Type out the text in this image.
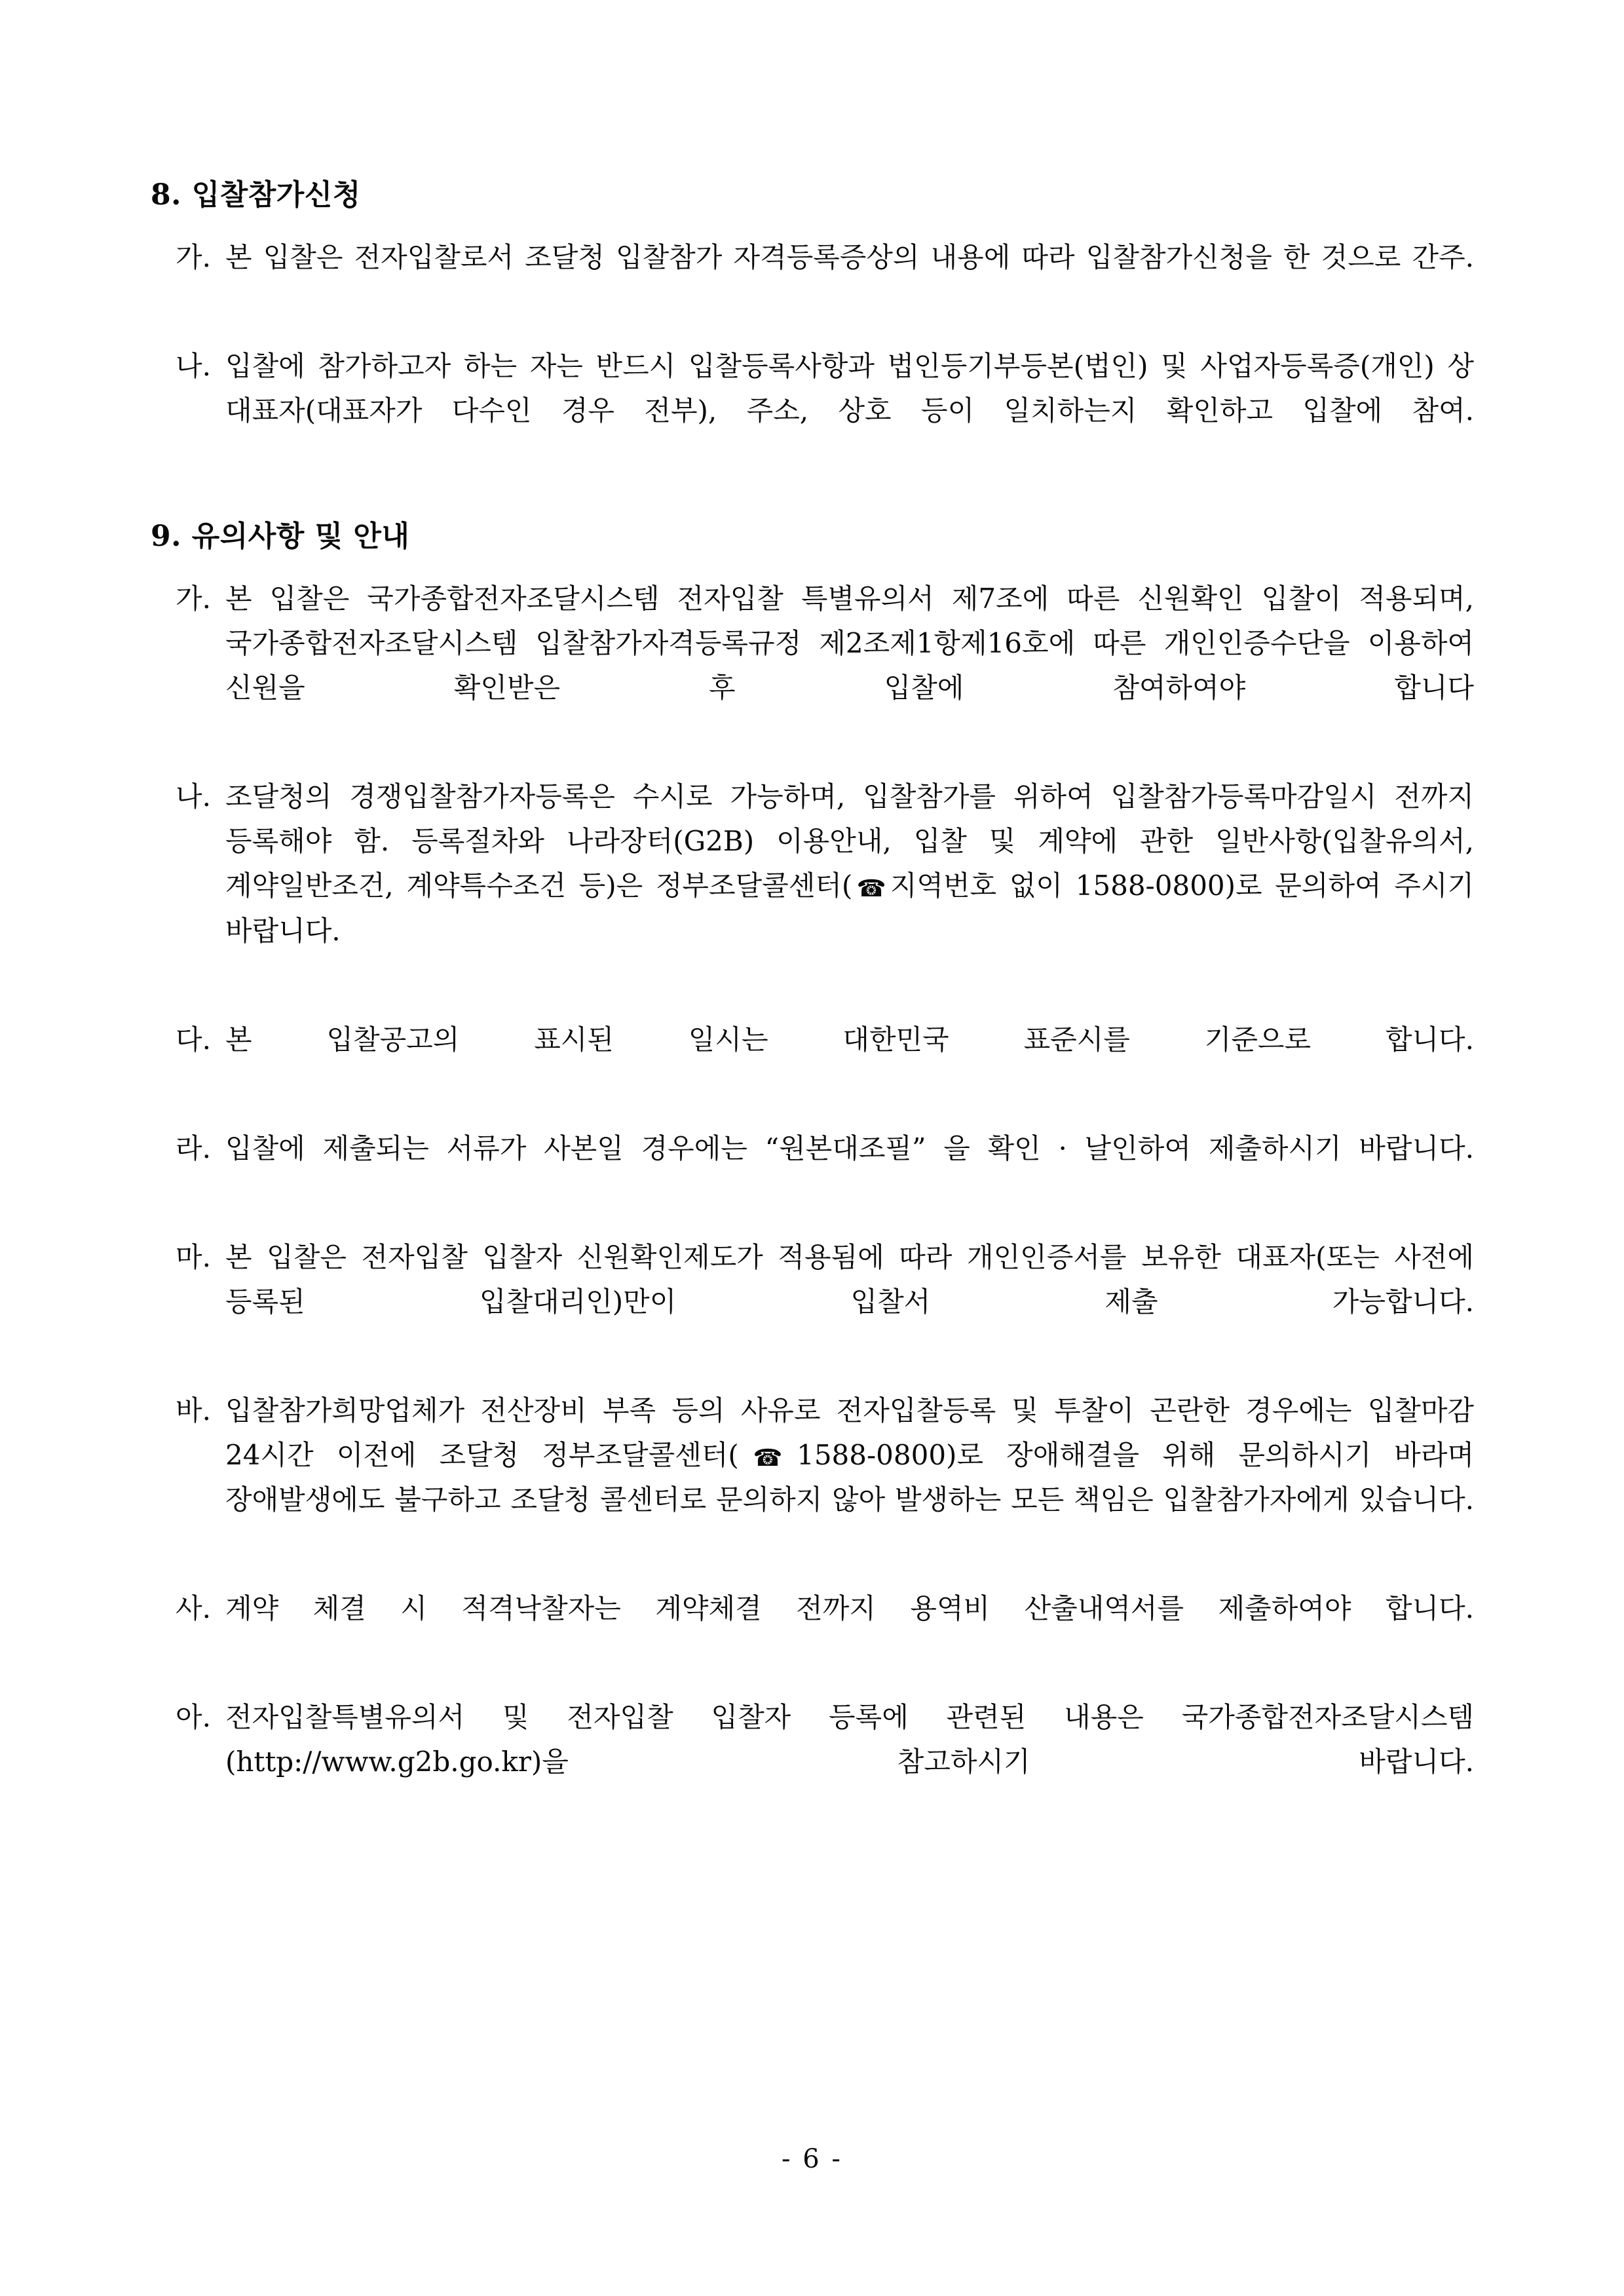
8. 입찰참가신청
가. 본 입찰은 전자입찰로서 조달청 입찰참가 자격등록증상의 내용에 따라 입찰참가신청을 한 것으로 간주.
나. 입찰에 참가하고자 하는 자는 반드시 입찰등록사항과 법인등기부등본(법인) 및 사업자등록증(개인) 상 대표자(대표자가 다수인 경우 전부), 주소, 상호 등이 일치하는지 확인하고 입찰에 참여.
9. 유의사항 및 안내
가. 본 입찰은 국가종합전자조달시스템 전자입찰 특별유의서 제7조에 따른 신원확인 입찰이 적용되며, 국가종합전자조달시스템 입찰참가자격등록규정 제2조제1항제16호에 따른 개인인증수단을 이용하여 신원을 확인받은 후 입찰에 참여하여야 합니다
나. 조달청의 경쟁입찰참가자등록은 수시로 가능하며, 입찰참가를 위하여 입찰참가등록마감일시 전까지 등록해야 함. 등록절차와 나라장터(G2B) 이용안내, 입찰 및 계약에 관한 일반사항(입찰유의서, 계약일반조건, 계약특수조건 등)은 정부조달콜센터(☎지역번호 없이 1588-0800)로 문의하여 주시기 바랍니다.
다. 본 입찰공고의 표시된 일시는 대한민국 표준시를 기준으로 합니다.
라. 입찰에 제출되는 서류가 사본일 경우에는 “원본대조필” 을 확인 · 날인하여 제출하시기 바랍니다.
마. 본 입찰은 전자입찰 입찰자 신원확인제도가 적용됨에 따라 개인인증서를 보유한 대표자(또는 사전에 등록된 입찰대리인)만이 입찰서 제출 가능합니다.
바. 입찰참가희망업체가 전산장비 부족 등의 사유로 전자입찰등록 및 투찰이 곤란한 경우에는 입찰마감 24시간 이전에 조달청 정부조달콜센터(☎1588-0800)로 장애해결을 위해 문의하시기 바라며 장애발생에도 불구하고 조달청 콜센터로 문의하지 않아 발생하는 모든 책임은 입찰참가자에게 있습니다.
사. 계약 체결 시 적격낙찰자는 계약체결 전까지 용역비 산출내역서를 제출하여야 합니다.
아. 전자입찰특별유의서 및 전자입찰 입찰자 등록에 관련된 내용은 국가종합전자조달시스템(http://www.g2b.go.kr)을 참고하시기 바랍니다.
- 6 -
